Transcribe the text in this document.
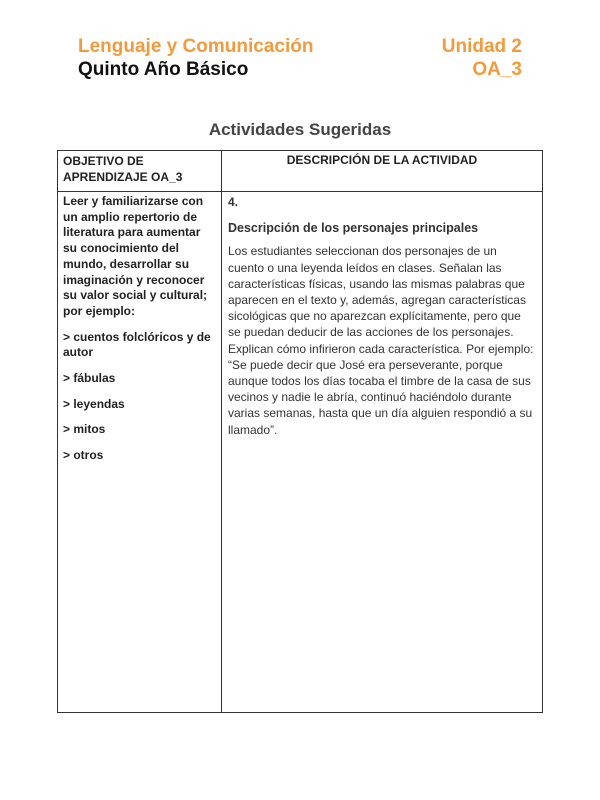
Lenguaje y Comunicación
Quinto Año Básico
Unidad 2
OA_3
Actividades Sugeridas
OBJETIVO DE
APRENDIZAJE OA_3
DESCRIPCIÓN DE LA ACTIVIDAD

Leer y familiarizarse con
un amplio repertorio de
literatura para aumentar
su conocimiento del
mundo, desarrollar su
imaginación y reconocer
su valor social y cultural;
por ejemplo:

> cuentos folclóricos y de
autor

> fábulas

> leyendas

> mitos

> otros

4.
Descripción de los personajes principales
Los estudiantes seleccionan dos personajes de un
cuento o una leyenda leídos en clases. Señalan las
características físicas, usando las mismas palabras que
aparecen en el texto y, además, agregan características
sicológicas que no aparezcan explícitamente, pero que
se puedan deducir de las acciones de los personajes.
Explican cómo infirieron cada característica. Por ejemplo:
“Se puede decir que José era perseverante, porque
aunque todos los días tocaba el timbre de la casa de sus
vecinos y nadie le abría, continuó haciéndolo durante
varias semanas, hasta que un día alguien respondió a su
llamado”.
